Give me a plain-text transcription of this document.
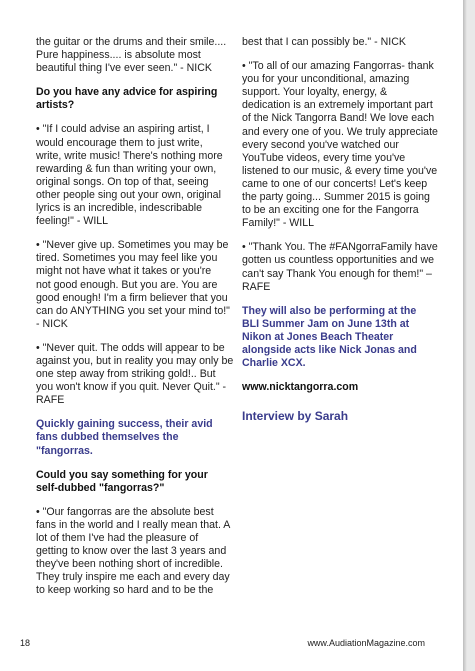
the guitar or the drums and their smile....
Pure happiness.... is absolute most
beautiful thing I've ever seen." - NICK

Do you have any advice for aspiring
artists?

• "If I could advise an aspiring artist, I
would encourage them to just write,
write, write music! There's nothing more
rewarding & fun than writing your own,
original songs. On top of that, seeing
other people sing out your own, original
lyrics is an incredible, indescribable
feeling!" - WILL

• "Never give up. Sometimes you may be
tired. Sometimes you may feel like you
might not have what it takes or you're
not good enough. But you are. You are
good enough! I'm a firm believer that you
can do ANYTHING you set your mind to!"
- NICK

• "Never quit. The odds will appear to be
against you, but in reality you may only be
one step away from striking gold!.. But
you won't know if you quit. Never Quit." -
RAFE

Quickly gaining success, their avid
fans dubbed themselves the
"fangorras.

Could you say something for your
self-dubbed "fangorras?"

• "Our fangorras are the absolute best
fans in the world and I really mean that. A
lot of them I've had the pleasure of
getting to know over the last 3 years and
they've been nothing short of incredible.
They truly inspire me each and every day
to keep working so hard and to be the

best that I can possibly be." - NICK

• "To all of our amazing Fangorras- thank
you for your unconditional, amazing
support. Your loyalty, energy, &
dedication is an extremely important part
of the Nick Tangorra Band! We love each
and every one of you. We truly appreciate
every second you've watched our
YouTube videos, every time you've
listened to our music, & every time you've
came to one of our concerts! Let's keep
the party going... Summer 2015 is going
to be an exciting one for the Fangorra
Family!" - WILL

• "Thank You. The #FANgorraFamily have
gotten us countless opportunities and we
can't say Thank You enough for them!" –
RAFE

They will also be performing at the
BLI Summer Jam on June 13th at
Nikon at Jones Beach Theater
alongside acts like Nick Jonas and
Charlie XCX.

www.nicktangorra.com

Interview by Sarah

18	www.AudiationMagazine.com
